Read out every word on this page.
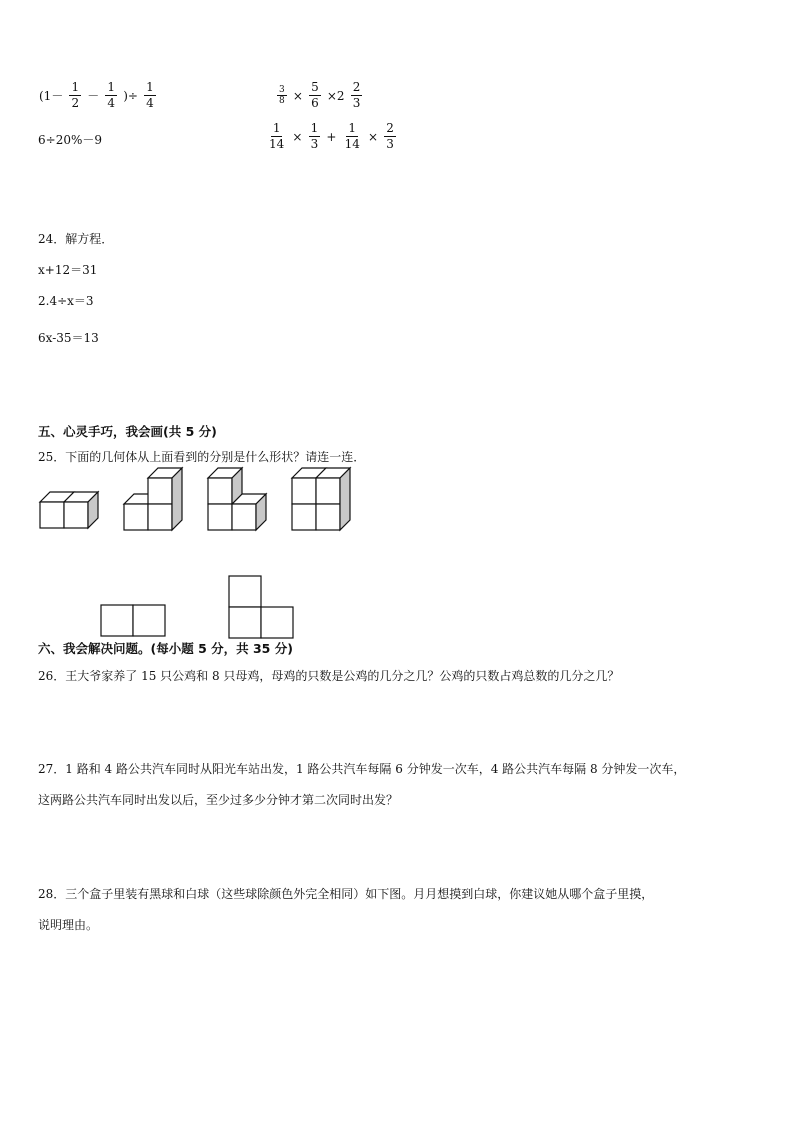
($1- \frac{1}{2} - \frac{1}{4}$ )÷ $\frac{1}{4}$	$\frac{3}{8} \times \frac{5}{6} \times 2 \frac{2}{3}$
6÷20%－9	$\frac{1}{14} \times \frac{1}{3} + \frac{1}{14} \times \frac{2}{3}$
24．解方程．
x+12＝31
2.4÷x＝3
6x-35＝13
五、心灵手巧，我会画(共 5 分)
25．下面的几何体从上面看到的分别是什么形状？请连一连．
六、我会解决问题。(每小题 5 分，共 35 分)
26．王大爷家养了 15 只公鸡和 8 只母鸡，母鸡的只数是公鸡的几分之几？公鸡的只数占鸡总数的几分之几？
27．1 路和 4 路公共汽车同时从阳光车站出发，1 路公共汽车每隔 6 分钟发一次车，4 路公共汽车每隔 8 分钟发一次车，
这两路公共汽车同时出发以后，至少过多少分钟才第二次同时出发？
28．三个盒子里装有黑球和白球（这些球除颜色外完全相同）如下图。月月想摸到白球，你建议她从哪个盒子里摸，
说明理由。
